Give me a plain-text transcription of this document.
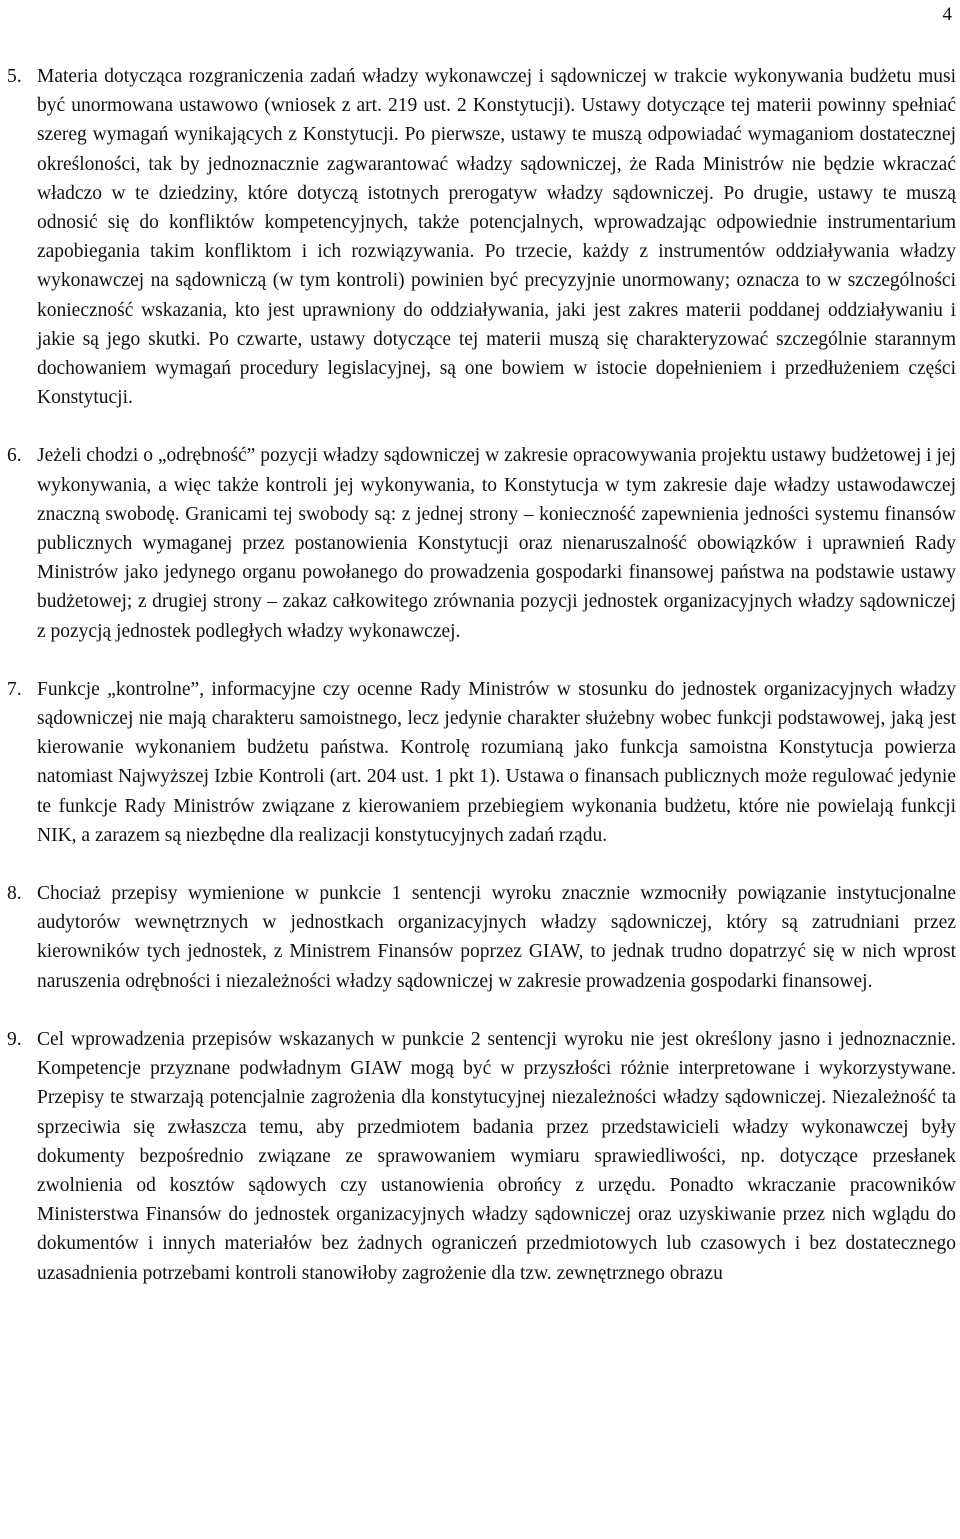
4
5. Materia dotycząca rozgraniczenia zadań władzy wykonawczej i sądowniczej w trakcie wykonywania budżetu musi być unormowana ustawowo (wniosek z art. 219 ust. 2 Konstytucji). Ustawy dotyczące tej materii powinny spełniać szereg wymagań wynikających z Konstytucji. Po pierwsze, ustawy te muszą odpowiadać wymaganiom dostatecznej określoności, tak by jednoznacznie zagwarantować władzy sądowniczej, że Rada Ministrów nie będzie wkraczać władczo w te dziedziny, które dotyczą istotnych prerogatyw władzy sądowniczej. Po drugie, ustawy te muszą odnosić się do konfliktów kompetencyjnych, także potencjalnych, wprowadzając odpowiednie instrumentarium zapobiegania takim konfliktom i ich rozwiązywania. Po trzecie, każdy z instrumentów oddziaływania władzy wykonawczej na sądowniczą (w tym kontroli) powinien być precyzyjnie unormowany; oznacza to w szczególności konieczność wskazania, kto jest uprawniony do oddziaływania, jaki jest zakres materii poddanej oddziaływaniu i jakie są jego skutki. Po czwarte, ustawy dotyczące tej materii muszą się charakteryzować szczególnie starannym dochowaniem wymagań procedury legislacyjnej, są one bowiem w istocie dopełnieniem i przedłużeniem części Konstytucji.

6. Jeżeli chodzi o „odrębność” pozycji władzy sądowniczej w zakresie opracowywania projektu ustawy budżetowej i jej wykonywania, a więc także kontroli jej wykonywania, to Konstytucja w tym zakresie daje władzy ustawodawczej znaczną swobodę. Granicami tej swobody są: z jednej strony – konieczność zapewnienia jedności systemu finansów publicznych wymaganej przez postanowienia Konstytucji oraz nienaruszalność obowiązków i uprawnień Rady Ministrów jako jedynego organu powołanego do prowadzenia gospodarki finansowej państwa na podstawie ustawy budżetowej; z drugiej strony – zakaz całkowitego zrównania pozycji jednostek organizacyjnych władzy sądowniczej z pozycją jednostek podległych władzy wykonawczej.

7. Funkcje „kontrolne”, informacyjne czy ocenne Rady Ministrów w stosunku do jednostek organizacyjnych władzy sądowniczej nie mają charakteru samoistnego, lecz jedynie charakter służebny wobec funkcji podstawowej, jaką jest kierowanie wykonaniem budżetu państwa. Kontrolę rozumianą jako funkcja samoistna Konstytucja powierza natomiast Najwyższej Izbie Kontroli (art. 204 ust. 1 pkt 1). Ustawa o finansach publicznych może regulować jedynie te funkcje Rady Ministrów związane z kierowaniem przebiegiem wykonania budżetu, które nie powielają funkcji NIK, a zarazem są niezbędne dla realizacji konstytucyjnych zadań rządu.

8. Chociaż przepisy wymienione w punkcie 1 sentencji wyroku znacznie wzmocniły powiązanie instytucjonalne audytorów wewnętrznych w jednostkach organizacyjnych władzy sądowniczej, który są zatrudniani przez kierowników tych jednostek, z Ministrem Finansów poprzez GIAW, to jednak trudno dopatrzyć się w nich wprost naruszenia odrębności i niezależności władzy sądowniczej w zakresie prowadzenia gospodarki finansowej.

9. Cel wprowadzenia przepisów wskazanych w punkcie 2 sentencji wyroku nie jest określony jasno i jednoznacznie. Kompetencje przyznane podwładnym GIAW mogą być w przyszłości różnie interpretowane i wykorzystywane. Przepisy te stwarzają potencjalnie zagrożenia dla konstytucyjnej niezależności władzy sądowniczej. Niezależność ta sprzeciwia się zwłaszcza temu, aby przedmiotem badania przez przedstawicieli władzy wykonawczej były dokumenty bezpośrednio związane ze sprawowaniem wymiaru sprawiedliwości, np. dotyczące przesłanek zwolnienia od kosztów sądowych czy ustanowienia obrońcy z urzędu. Ponadto wkraczanie pracowników Ministerstwa Finansów do jednostek organizacyjnych władzy sądowniczej oraz uzyskiwanie przez nich wglądu do dokumentów i innych materiałów bez żadnych ograniczeń przedmiotowych lub czasowych i bez dostatecznego uzasadnienia potrzebami kontroli stanowiłoby zagrożenie dla tzw. zewnętrznego obrazu
